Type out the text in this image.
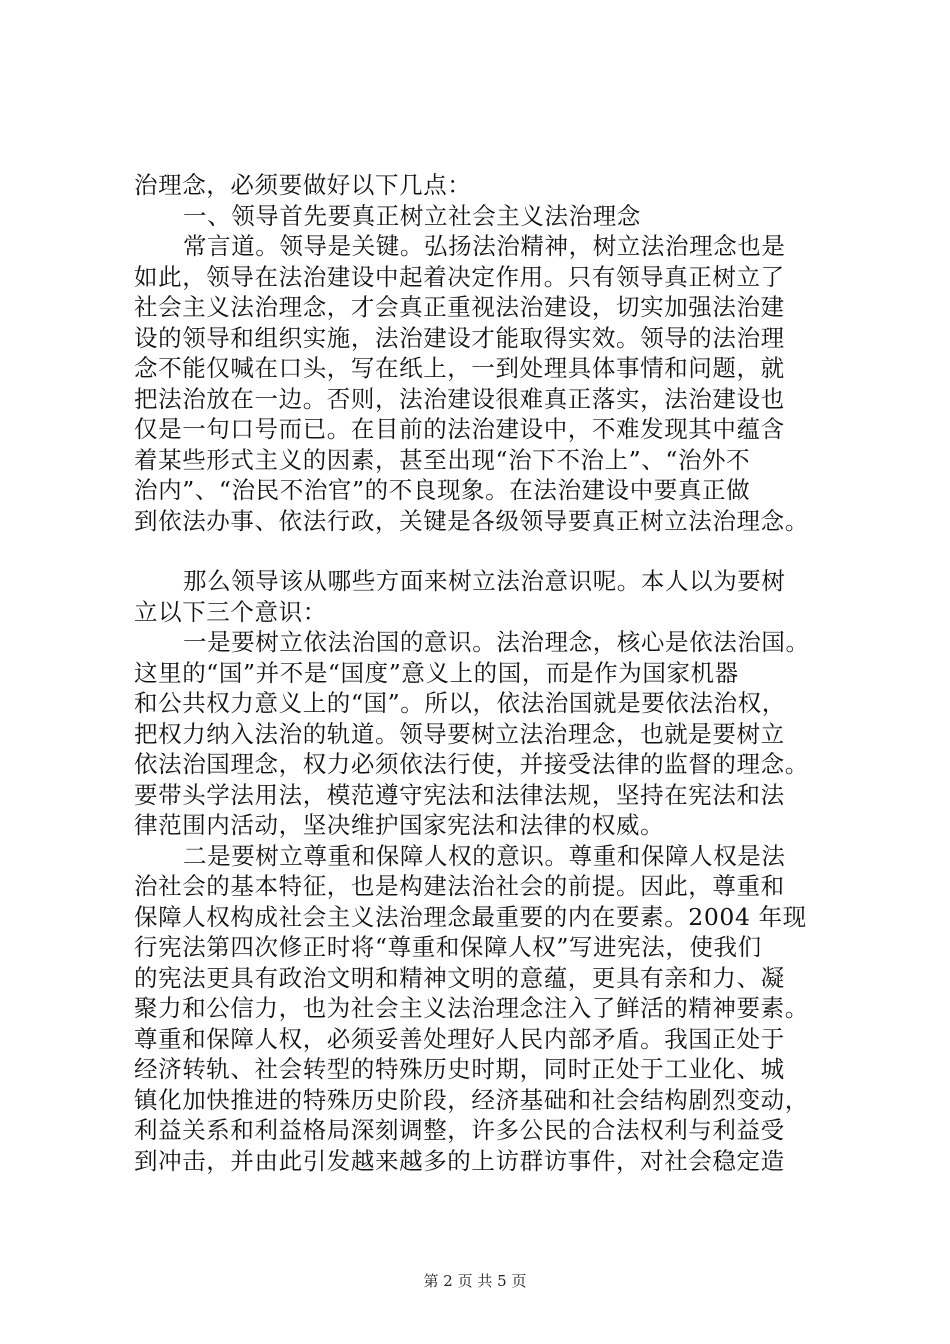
治理念，必须要做好以下几点：
一、领导首先要真正树立社会主义法治理念
常言道。领导是关键。弘扬法治精神，树立法治理念也是
如此，领导在法治建设中起着决定作用。只有领导真正树立了
社会主义法治理念，才会真正重视法治建设，切实加强法治建
设的领导和组织实施，法治建设才能取得实效。领导的法治理
念不能仅喊在口头，写在纸上，一到处理具体事情和问题，就
把法治放在一边。否则，法治建设很难真正落实，法治建设也
仅是一句口号而已。在目前的法治建设中，不难发现其中蕴含
着某些形式主义的因素，甚至出现“治下不治上”、“治外不
治内”、“治民不治官”的不良现象。在法治建设中要真正做
到依法办事、依法行政，关键是各级领导要真正树立法治理念。
那么领导该从哪些方面来树立法治意识呢。本人以为要树
立以下三个意识：
一是要树立依法治国的意识。法治理念，核心是依法治国。
这里的“国”并不是“国度”意义上的国，而是作为国家机器
和公共权力意义上的“国”。所以，依法治国就是要依法治权，
把权力纳入法治的轨道。领导要树立法治理念，也就是要树立
依法治国理念，权力必须依法行使，并接受法律的监督的理念。
要带头学法用法，模范遵守宪法和法律法规，坚持在宪法和法
律范围内活动，坚决维护国家宪法和法律的权威。
二是要树立尊重和保障人权的意识。尊重和保障人权是法
治社会的基本特征，也是构建法治社会的前提。因此，尊重和
保障人权构成社会主义法治理念最重要的内在要素。2004 年现
行宪法第四次修正时将“尊重和保障人权”写进宪法，使我们
的宪法更具有政治文明和精神文明的意蕴，更具有亲和力、凝
聚力和公信力，也为社会主义法治理念注入了鲜活的精神要素。
尊重和保障人权，必须妥善处理好人民内部矛盾。我国正处于
经济转轨、社会转型的特殊历史时期，同时正处于工业化、城
镇化加快推进的特殊历史阶段，经济基础和社会结构剧烈变动，
利益关系和利益格局深刻调整，许多公民的合法权利与利益受
到冲击，并由此引发越来越多的上访群访事件，对社会稳定造
第 2 页 共 5 页
